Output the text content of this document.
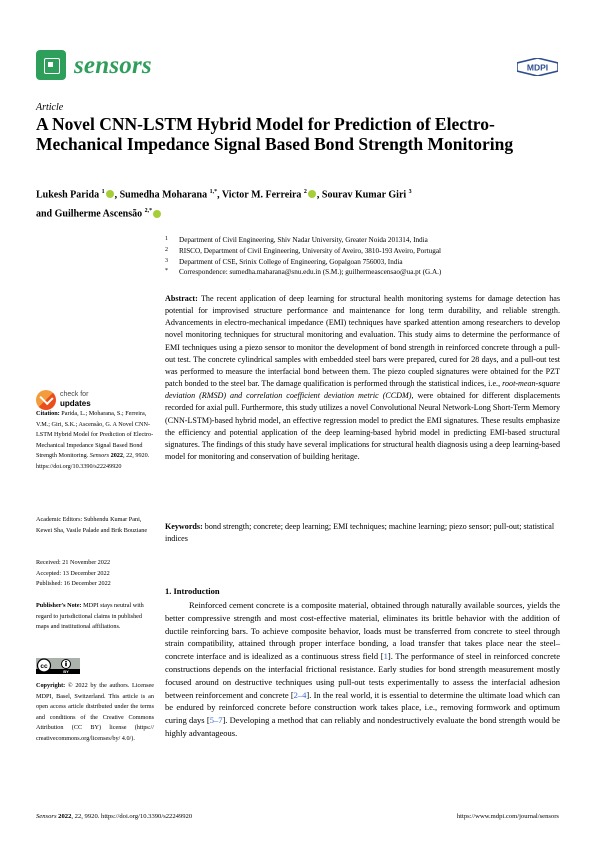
sensors	MDPI
Article
A Novel CNN-LSTM Hybrid Model for Prediction of Electro-Mechanical Impedance Signal Based Bond Strength Monitoring
Lukesh Parida $^1$ , Sumedha Moharana $^{1,*}$, Victor M. Ferreira $^2$ , Sourav Kumar Giri $^3$
and Guilherme Ascensão $^{2,*}$
1 Department of Civil Engineering, Shiv Nadar University, Greater Noida 201314, India
2 RISCO, Department of Civil Engineering, University of Aveiro, 3810-193 Aveiro, Portugal
3 Department of CSE, Srinix College of Engineering, Gopalgoan 756003, India
* Correspondence: sumedha.maharana@snu.edu.in (S.M.); guilhermeascensao@ua.pt (G.A.)
Abstract: The recent application of deep learning for structural health monitoring systems for damage detection has potential for improvised structure performance and maintenance for long term durability, and reliable strength. Advancements in electro-mechanical impedance (EMI) techniques have sparked attention among researchers to develop novel monitoring techniques for structural monitoring and evaluation. This study aims to determine the performance of EMI techniques using a piezo sensor to monitor the development of bond strength in reinforced concrete through a pull-out test. The concrete cylindrical samples with embedded steel bars were prepared, cured for 28 days, and a pull-out test was performed to measure the interfacial bond between them. The piezo coupled signatures were obtained for the PZT patch bonded to the steel bar. The damage qualification is performed through the statistical indices, i.e., root-mean-square deviation (RMSD) and correlation coefficient deviation metric (CCDM), were obtained for different displacements recorded for axial pull. Furthermore, this study utilizes a novel Convolutional Neural Network-Long Short-Term Memory (CNN-LSTM)-based hybrid model, an effective regression model to predict the EMI signatures. These results emphasize the efficiency and potential application of the deep learning-based hybrid model in predicting EMI-based structural signatures. The findings of this study have several implications for structural health diagnosis using a deep learning-based model for monitoring and conservation of building heritage.
Keywords: bond strength; concrete; deep learning; EMI techniques; machine learning; piezo sensor; pull-out; statistical indices
check for
updates
Citation: Parida, L.; Moharana, S.; Ferreira, V.M.; Giri, S.K.; Ascensão, G. A Novel CNN-LSTM Hybrid Model for Prediction of Electro-Mechanical Impedance Signal Based Bond Strength Monitoring. Sensors 2022, 22, 9920. https://doi.org/10.3390/s22249920
Academic Editors: Subhendu Kumar Pani, Kewei Sha, Vasile Palade and Brik Bouziane
Received: 21 November 2022
Accepted: 13 December 2022
Published: 16 December 2022
Publisher's Note: MDPI stays neutral with regard to jurisdictional claims in published maps and institutional affiliations.
cc
BY
Copyright: © 2022 by the authors. Licensee MDPI, Basel, Switzerland. This article is an open access article distributed under the terms and conditions of the Creative Commons Attribution (CC BY) license (https:// creativecommons.org/licenses/by/ 4.0/).
1. Introduction
Reinforced cement concrete is a composite material, obtained through naturally available sources, yields the better compressive strength and most cost-effective material, eliminates its brittle behavior with the addition of ductile reinforcing bars. To achieve composite behavior, loads must be transferred from concrete to steel through strain compatibility, attained through proper interface bonding, a load transfer that takes place near the steel–concrete interface and is idealized as a continuous stress field [1]. The performance of steel in reinforced concrete constructions depends on the interfacial frictional resistance. Early studies for bond strength measurement mostly focused around on destructive techniques using pull-out tests experimentally to assess the interfacial adhesion between reinforcement and concrete [2–4]. In the real world, it is essential to determine the ultimate load which can be endured by reinforced concrete before construction work takes place, i.e., removing formwork and optimum curing days [5–7]. Developing a method that can reliably and nondestructively evaluate the bond strength would be highly advantageous.
Sensors 2022, 22, 9920. https://doi.org/10.3390/s22249920	https://www.mdpi.com/journal/sensors
